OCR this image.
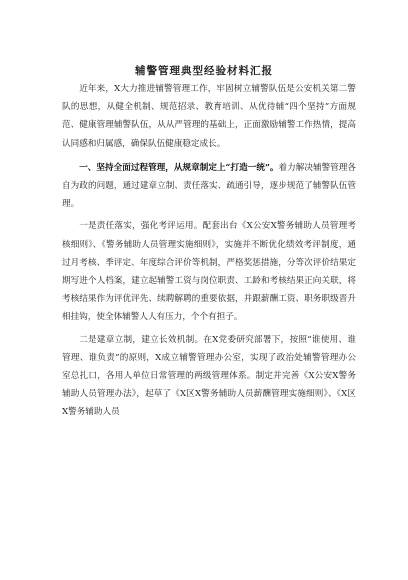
辅警管理典型经验材料汇报

近年来，X大力推进辅警管理工作，牢固树立辅警队伍是公安机关第二警队的思想，从健全机制、规范招录、教育培训、从优待辅“四个坚持”方面规范、健康管理辅警队伍，从从严管理的基础上，正面激励辅警工作热情，提高认同感和归属感，确保队伍健康稳定成长。

一、坚持全面过程管理，从规章制定上“打造一统”。着力解决辅警管理各自为政的问题，通过建章立制、责任落实、疏通引导，逐步规范了辅警队伍管理。

一是责任落实，强化考评运用。配套出台《X公安X警务辅助人员管理考核细则》、《警务辅助人员管理实施细则》，实施并不断优化绩效考评制度，通过月考核、季评定、年度综合评价等机制，严格奖惩措施，分等次评价结果定期写进个人档案，建立起辅警工资与岗位职责、工龄和考核结果正向关联，将考核结果作为评优评先、续聘解聘的重要依据，并跟薪酬工资、职务职级晋升相挂钩，使全体辅警人人有压力，个个有担子。

二是建章立制，建立长效机制。在X党委研究部署下，按照“谁使用、谁管理、谁负责”的原则，X成立辅警管理办公室，实现了政治处辅警管理办公室总扎口，各用人单位日常管理的两级管理体系。制定并完善《X公安X警务辅助人员管理办法》，起草了《X区X警务辅助人员薪酬管理实施细则》、《X区X警务辅助人员
